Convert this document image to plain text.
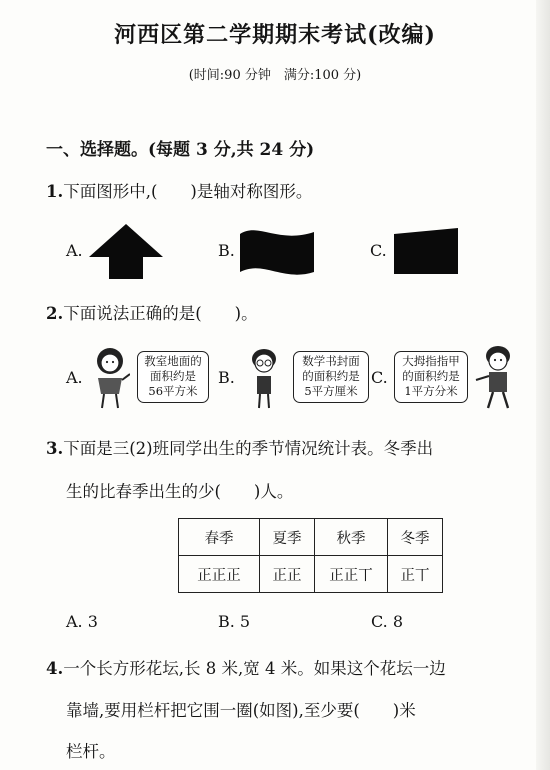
河西区第二学期期末考试(改编)
(时间:90 分钟　满分:100 分)
一、选择题。(每题 3 分,共 24 分)
1.下面图形中,(　　)是轴对称图形。
A.	B.	C.
2.下面说法正确的是(　　)。
A.
教室地面的面积约是56平方米
B.
数学书封面的面积约是5平方厘米
C.
大拇指指甲的面积约是1平方分米
3.下面是三(2)班同学出生的季节情况统计表。冬季出
生的比春季出生的少(　　)人。
春季	夏季	秋季	冬季
正正正	正正	正正丅	正丅
A. 3	B. 5	C. 8
4.一个长方形花坛,长 8 米,宽 4 米。如果这个花坛一边
靠墙,要用栏杆把它围一圈(如图),至少要(　　)米
栏杆。
